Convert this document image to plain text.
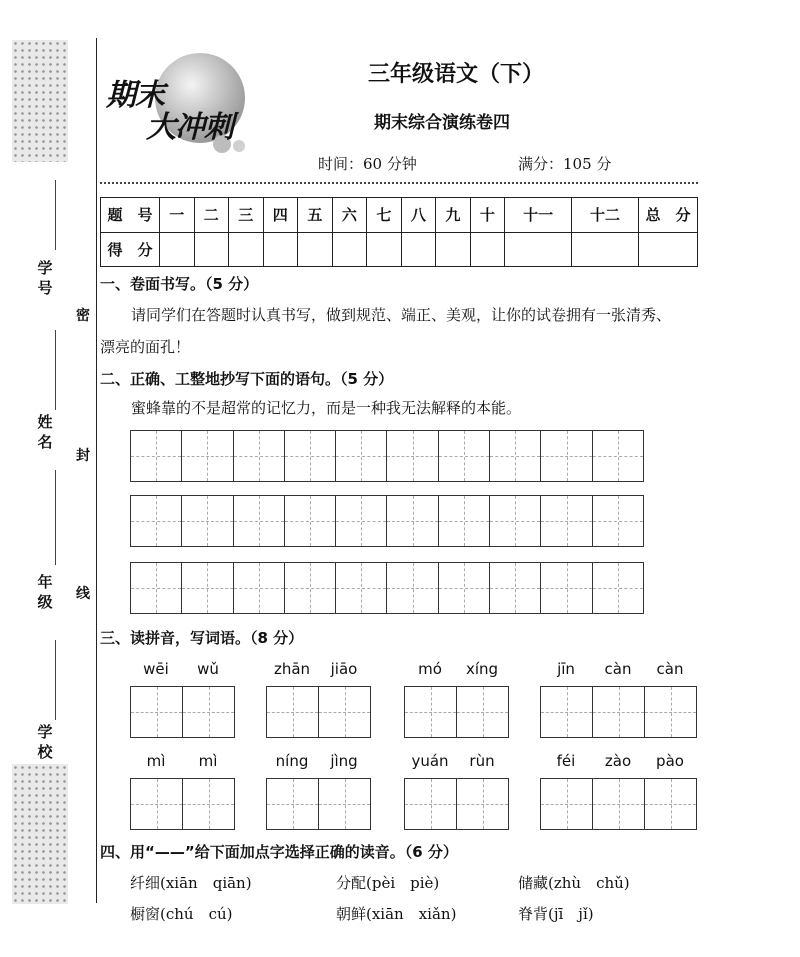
学号
姓名
年级
学校
密
封
线
期末
大冲刺
三年级语文（下）
期末综合演练卷四
时间：60 分钟	满分：105 分
题　号	一	二	三	四	五	六	七	八	九	十	十一	十二	总　分
得　分													
一、卷面书写。（5 分）
请同学们在答题时认真书写，做到规范、端正、美观，让你的试卷拥有一张清秀、
漂亮的面孔！
二、正确、工整地抄写下面的语句。（5 分）
蜜蜂靠的不是超常的记忆力，而是一种我无法解释的本能。
三、读拼音，写词语。（8 分）
wēi	wǔ	zhān	jiāo	mó	xíng	jīn	càn	càn
mì	mì	níng	jìng	yuán	rùn	féi	zào	pào
四、用“——”给下面加点字选择正确的读音。（6 分）
纤细(xiān　qiān)	分配(pèi　piè)	储藏(zhù　chǔ)
橱窗(chú　cú)	朝鲜(xiān　xiǎn)	脊背(jī　jǐ)
